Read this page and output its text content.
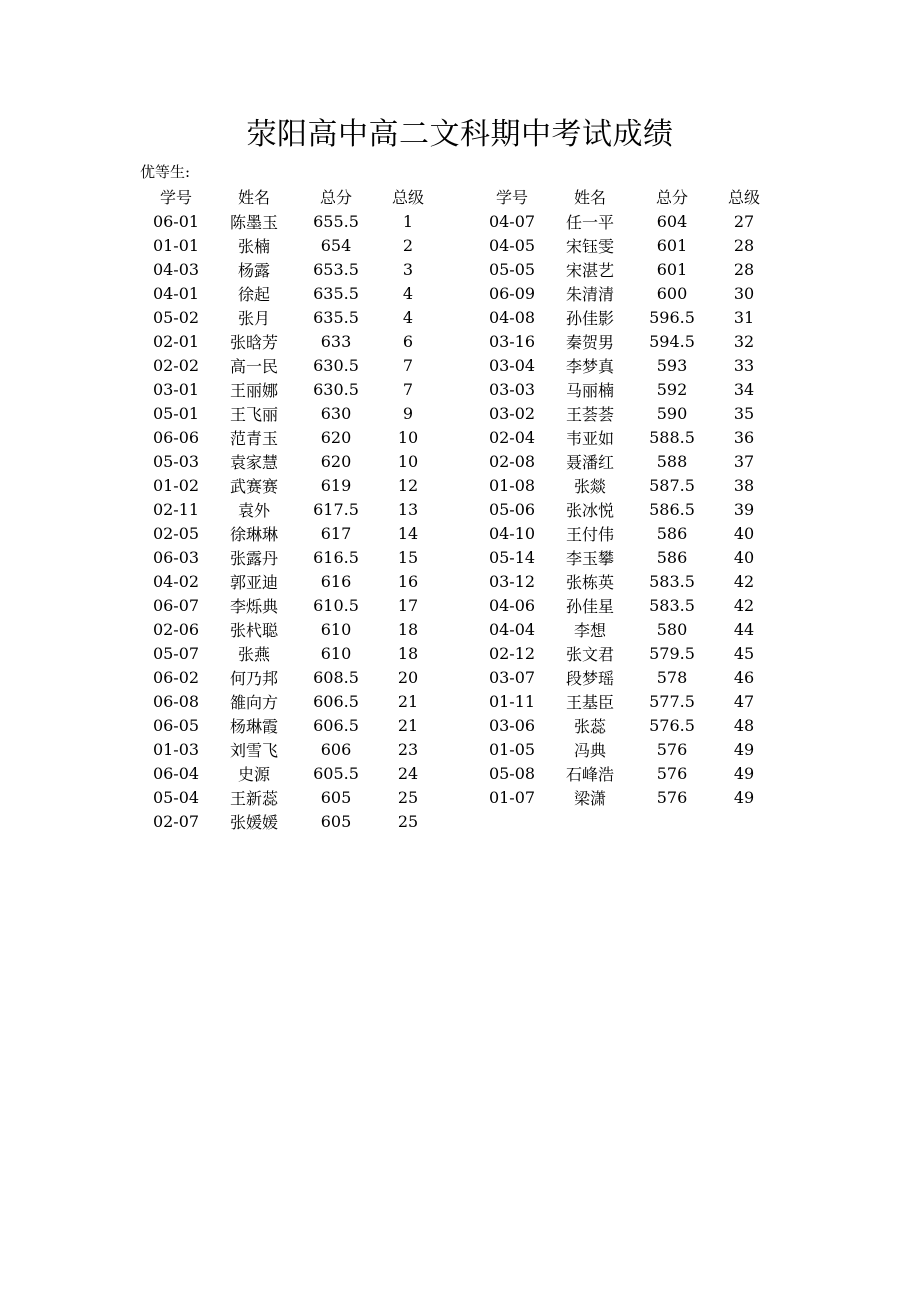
荥阳高中高二文科期中考试成绩
优等生:
学号	姓名	总分	总级
06-01	陈墨玉	655.5	1
01-01	张楠	654	2
04-03	杨露	653.5	3
04-01	徐起	635.5	4
05-02	张月	635.5	4
02-01	张晗芳	633	6
02-02	高一民	630.5	7
03-01	王丽娜	630.5	7
05-01	王飞丽	630	9
06-06	范青玉	620	10
05-03	袁家慧	620	10
01-02	武赛赛	619	12
02-11	袁外	617.5	13
02-05	徐琳琳	617	14
06-03	张露丹	616.5	15
04-02	郭亚迪	616	16
06-07	李烁典	610.5	17
02-06	张杙聪	610	18
05-07	张燕	610	18
06-02	何乃邦	608.5	20
06-08	雒向方	606.5	21
06-05	杨琳霞	606.5	21
01-03	刘雪飞	606	23
06-04	史源	605.5	24
05-04	王新蕊	605	25
02-07	张媛媛	605	25
学号	姓名	总分	总级
04-07	任一平	604	27
04-05	宋钰雯	601	28
05-05	宋湛艺	601	28
06-09	朱清清	600	30
04-08	孙佳影	596.5	31
03-16	秦贺男	594.5	32
03-04	李梦真	593	33
03-03	马丽楠	592	34
03-02	王荟荟	590	35
02-04	韦亚如	588.5	36
02-08	聂潘红	588	37
01-08	张燚	587.5	38
05-06	张冰悦	586.5	39
04-10	王付伟	586	40
05-14	李玉攀	586	40
03-12	张栋英	583.5	42
04-06	孙佳星	583.5	42
04-04	李想	580	44
02-12	张文君	579.5	45
03-07	段梦瑶	578	46
01-11	王基臣	577.5	47
03-06	张蕊	576.5	48
01-05	冯典	576	49
05-08	石峰浩	576	49
01-07	梁潇	576	49
